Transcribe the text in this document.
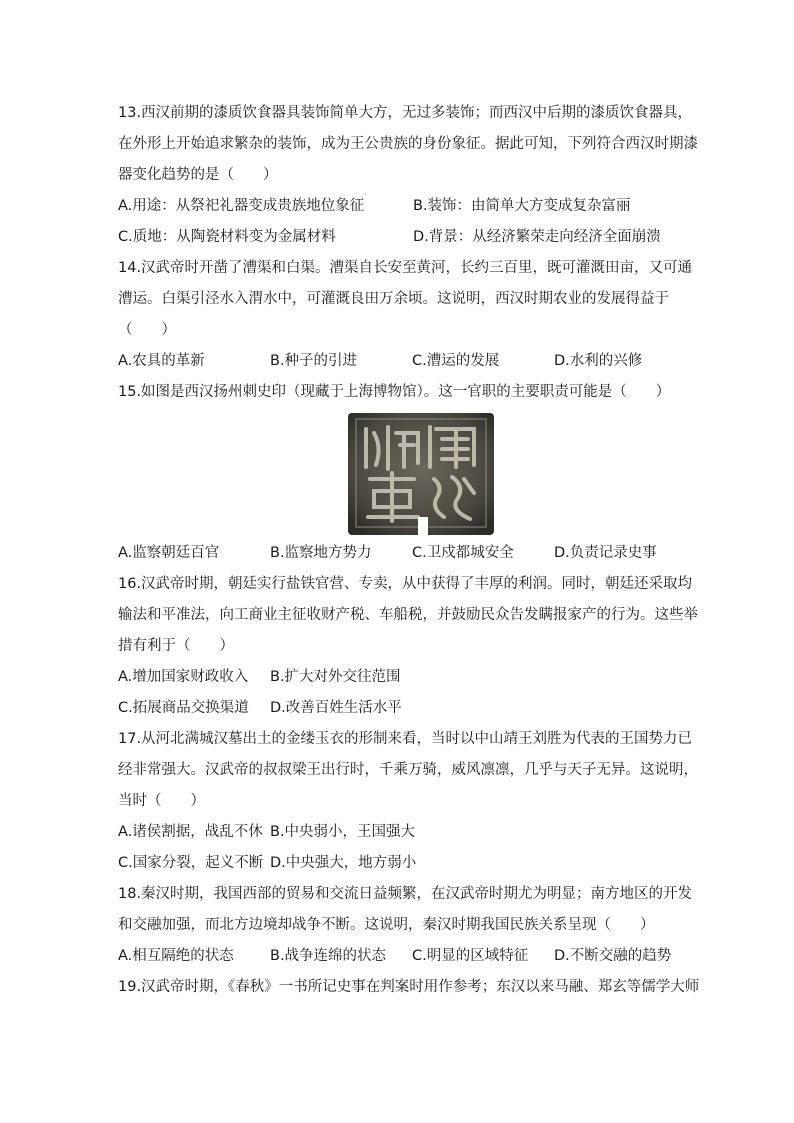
13.西汉前期的漆质饮食器具装饰简单大方，无过多装饰；而西汉中后期的漆质饮食器具，
在外形上开始追求繁杂的装饰，成为王公贵族的身份象征。据此可知，下列符合西汉时期漆
器变化趋势的是（　　）
A.用途：从祭祀礼器变成贵族地位象征	B.装饰：由简单大方变成复杂富丽
C.质地：从陶瓷材料变为金属材料	D.背景：从经济繁荣走向经济全面崩溃
14.汉武帝时开凿了漕渠和白渠。漕渠自长安至黄河，长约三百里，既可灌溉田亩，又可通
漕运。白渠引泾水入渭水中，可灌溉良田万余顷。这说明，西汉时期农业的发展得益于
（　　）
A.农具的革新	B.种子的引进	C.漕运的发展	D.水利的兴修
15.如图是西汉扬州刺史印（现藏于上海博物馆）。这一官职的主要职责可能是（　　）
A.监察朝廷百官	B.监察地方势力	C.卫戍都城安全	D.负责记录史事
16.汉武帝时期，朝廷实行盐铁官营、专卖，从中获得了丰厚的利润。同时，朝廷还采取均
输法和平准法，向工商业主征收财产税、车船税，并鼓励民众告发瞒报家产的行为。这些举
措有利于（　　）
A.增加国家财政收入	B.扩大对外交往范围
C.拓展商品交换渠道	D.改善百姓生活水平
17.从河北满城汉墓出土的金缕玉衣的形制来看，当时以中山靖王刘胜为代表的王国势力已
经非常强大。汉武帝的叔叔梁王出行时，千乘万骑，威风凛凛，几乎与天子无异。这说明，
当时（　　）
A.诸侯割据，战乱不休 B.中央弱小，王国强大
C.国家分裂，起义不断 D.中央强大，地方弱小
18.秦汉时期，我国西部的贸易和交流日益频繁，在汉武帝时期尤为明显；南方地区的开发
和交融加强，而北方边境却战争不断。这说明，秦汉时期我国民族关系呈现（　　）
A.相互隔绝的状态	B.战争连绵的状态	C.明显的区域特征	D.不断交融的趋势
19.汉武帝时期，《春秋》一书所记史事在判案时用作参考；东汉以来马融、郑玄等儒学大师
